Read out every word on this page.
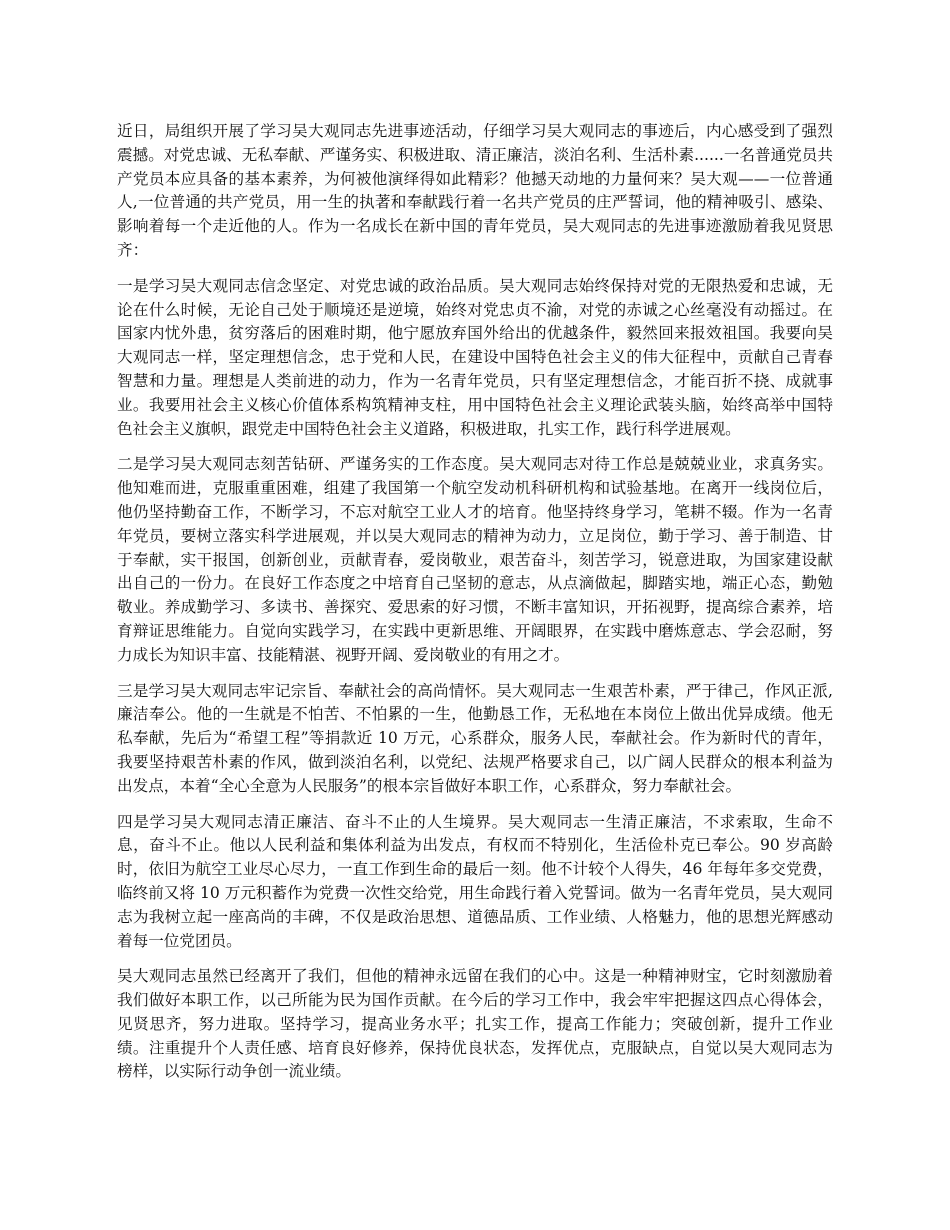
近日，局组织开展了学习吴大观同志先进事迹活动，仔细学习吴大观同志的事迹后，内心感受到了强烈震撼。对党忠诚、无私奉献、严谨务实、积极进取、清正廉洁，淡泊名利、生活朴素......一名普通党员共产党员本应具备的基本素养，为何被他演绎得如此精彩？他撼天动地的力量何来？吴大观——一位普通人,一位普通的共产党员，用一生的执著和奉献践行着一名共产党员的庄严誓词，他的精神吸引、感染、影响着每一个走近他的人。作为一名成长在新中国的青年党员，吴大观同志的先进事迹激励着我见贤思齐：

一是学习吴大观同志信念坚定、对党忠诚的政治品质。吴大观同志始终保持对党的无限热爱和忠诚，无论在什么时候，无论自己处于顺境还是逆境，始终对党忠贞不渝，对党的赤诚之心丝毫没有动摇过。在国家内忧外患，贫穷落后的困难时期，他宁愿放弃国外给出的优越条件，毅然回来报效祖国。我要向吴大观同志一样，坚定理想信念，忠于党和人民，在建设中国特色社会主义的伟大征程中，贡献自己青春智慧和力量。理想是人类前进的动力，作为一名青年党员，只有坚定理想信念，才能百折不挠、成就事业。我要用社会主义核心价值体系构筑精神支柱，用中国特色社会主义理论武装头脑，始终高举中国特色社会主义旗帜，跟党走中国特色社会主义道路，积极进取，扎实工作，践行科学进展观。

二是学习吴大观同志刻苦钻研、严谨务实的工作态度。吴大观同志对待工作总是兢兢业业，求真务实。他知难而进，克服重重困难，组建了我国第一个航空发动机科研机构和试验基地。在离开一线岗位后，他仍坚持勤奋工作，不断学习，不忘对航空工业人才的培育。他坚持终身学习，笔耕不辍。作为一名青年党员，要树立落实科学进展观，并以吴大观同志的精神为动力，立足岗位，勤于学习、善于制造、甘于奉献，实干报国，创新创业，贡献青春，爱岗敬业，艰苦奋斗，刻苦学习，锐意进取，为国家建设献出自己的一份力。在良好工作态度之中培育自己坚韧的意志，从点滴做起，脚踏实地，端正心态，勤勉敬业。养成勤学习、多读书、善探究、爱思索的好习惯，不断丰富知识，开拓视野，提高综合素养，培育辩证思维能力。自觉向实践学习，在实践中更新思维、开阔眼界，在实践中磨炼意志、学会忍耐，努力成长为知识丰富、技能精湛、视野开阔、爱岗敬业的有用之才。

三是学习吴大观同志牢记宗旨、奉献社会的高尚情怀。吴大观同志一生艰苦朴素，严于律己，作风正派,廉洁奉公。他的一生就是不怕苦、不怕累的一生，他勤恳工作，无私地在本岗位上做出优异成绩。他无私奉献，先后为“希望工程”等捐款近 10 万元，心系群众，服务人民，奉献社会。作为新时代的青年，我要坚持艰苦朴素的作风，做到淡泊名利，以党纪、法规严格要求自己，以广阔人民群众的根本利益为出发点，本着“全心全意为人民服务”的根本宗旨做好本职工作，心系群众，努力奉献社会。

四是学习吴大观同志清正廉洁、奋斗不止的人生境界。吴大观同志一生清正廉洁，不求索取，生命不息，奋斗不止。他以人民利益和集体利益为出发点，有权而不特别化，生活俭朴克已奉公。90 岁高龄时，依旧为航空工业尽心尽力，一直工作到生命的最后一刻。他不计较个人得失，46 年每年多交党费，临终前又将 10 万元积蓄作为党费一次性交给党，用生命践行着入党誓词。做为一名青年党员，吴大观同志为我树立起一座高尚的丰碑，不仅是政治思想、道德品质、工作业绩、人格魅力，他的思想光辉感动着每一位党团员。

吴大观同志虽然已经离开了我们，但他的精神永远留在我们的心中。这是一种精神财宝，它时刻激励着我们做好本职工作，以己所能为民为国作贡献。在今后的学习工作中，我会牢牢把握这四点心得体会，见贤思齐，努力进取。坚持学习，提高业务水平；扎实工作，提高工作能力；突破创新，提升工作业绩。注重提升个人责任感、培育良好修养，保持优良状态，发挥优点，克服缺点，自觉以吴大观同志为榜样，以实际行动争创一流业绩。
